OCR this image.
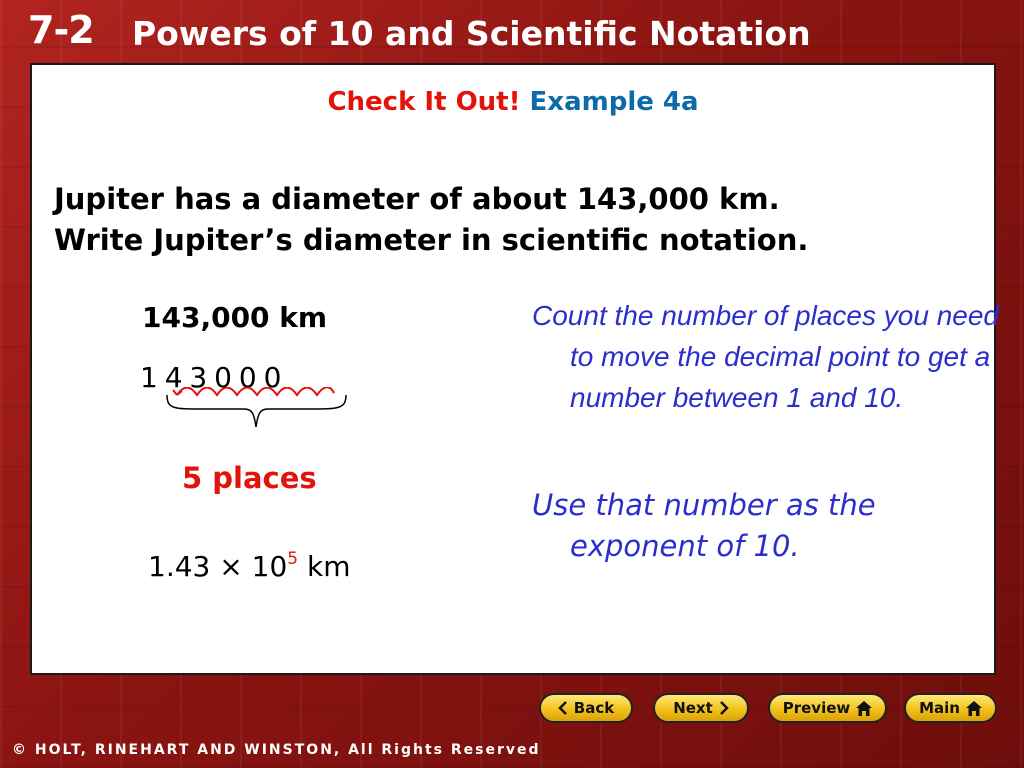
7-2 Powers of 10 and Scientific Notation
Check It Out! Example 4a
Jupiter has a diameter of about 143,000 km.
Write Jupiter’s diameter in scientific notation.
143,000 km
1 4 3 0 0 0
5 places
$1.43 \times 10^5$ km
Count the number of places you need to move the decimal point to get a number between 1 and 10.
Use that number as the exponent of 10.
Back	Next	Preview	Main
© HOLT, RINEHART AND WINSTON, All Rights Reserved
